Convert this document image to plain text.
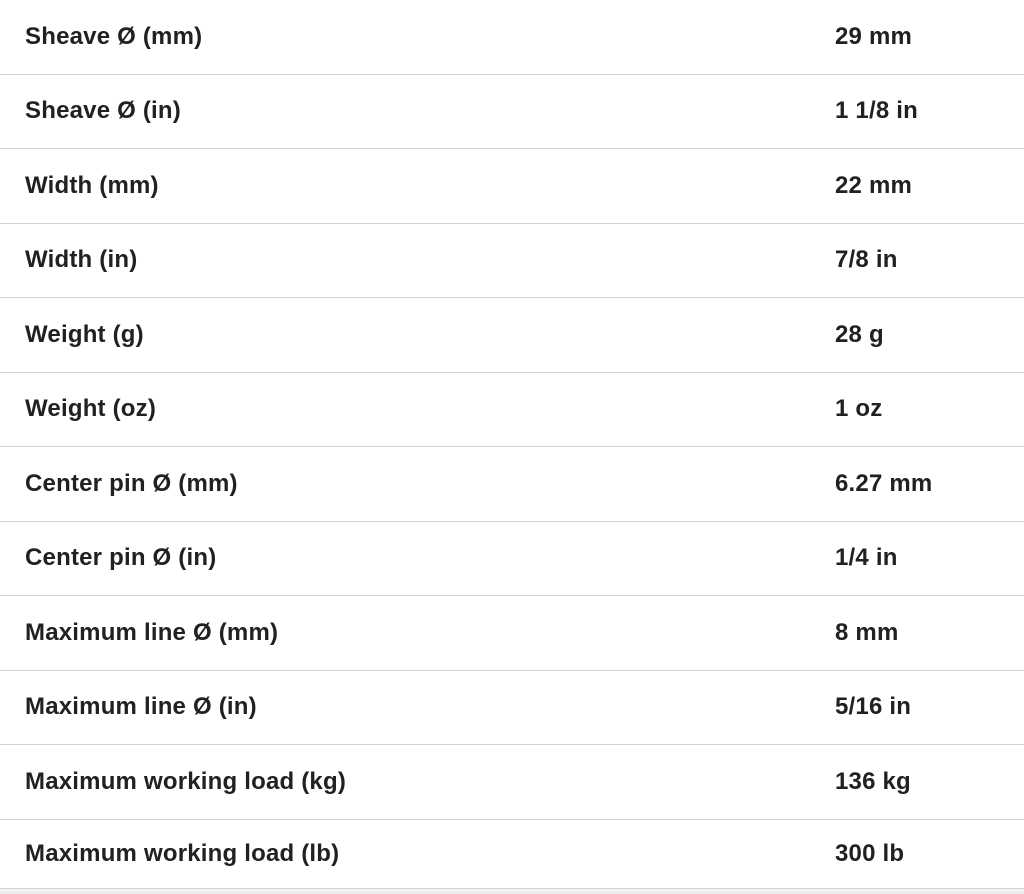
Sheave Ø (mm)	29 mm
Sheave Ø (in)	1 1/8 in
Width (mm)	22 mm
Width (in)	7/8 in
Weight (g)	28 g
Weight (oz)	1 oz
Center pin Ø (mm)	6.27 mm
Center pin Ø (in)	1/4 in
Maximum line Ø (mm)	8 mm
Maximum line Ø (in)	5/16 in
Maximum working load (kg)	136 kg
Maximum working load (lb)	300 lb
